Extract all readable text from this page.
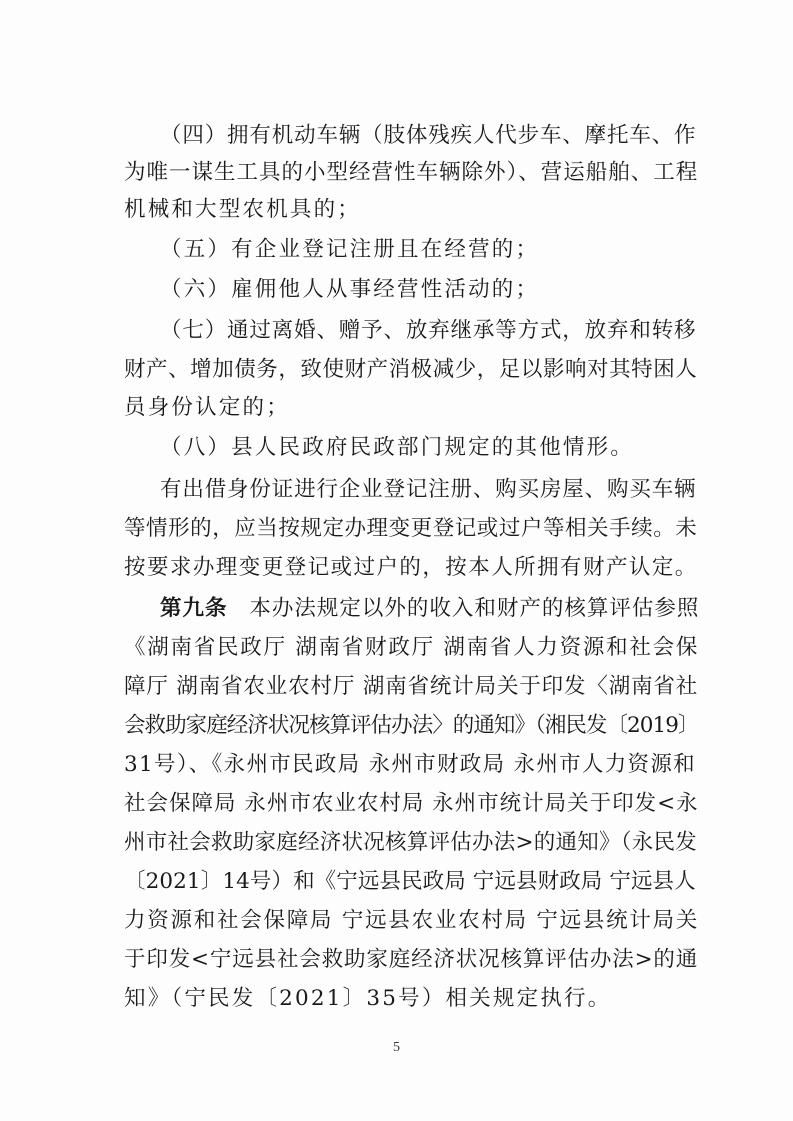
（四）拥有机动车辆（肢体残疾人代步车、摩托车、作
为唯一谋生工具的小型经营性车辆除外）、营运船舶、工程
机械和大型农机具的；
（五）有企业登记注册且在经营的；
（六）雇佣他人从事经营性活动的；
（七）通过离婚、赠予、放弃继承等方式，放弃和转移
财产、增加债务，致使财产消极减少，足以影响对其特困人
员身份认定的；
（八）县人民政府民政部门规定的其他情形。
有出借身份证进行企业登记注册、购买房屋、购买车辆
等情形的，应当按规定办理变更登记或过户等相关手续。未
按要求办理变更登记或过户的，按本人所拥有财产认定。
第九条 本办法规定以外的收入和财产的核算评估参照
《湖南省民政厅 湖南省财政厅 湖南省人力资源和社会保
障厅 湖南省农业农村厅 湖南省统计局关于印发〈湖南省社
会救助家庭经济状况核算评估办法〉的通知》（湘民发〔2019〕
31号）、《永州市民政局 永州市财政局 永州市人力资源和
社会保障局 永州市农业农村局 永州市统计局关于印发<永
州市社会救助家庭经济状况核算评估办法>的通知》（永民发
〔2021〕14号）和《宁远县民政局 宁远县财政局 宁远县人
力资源和社会保障局 宁远县农业农村局 宁远县统计局关
于印发<宁远县社会救助家庭经济状况核算评估办法>的通
知》（宁民发〔2021〕35号）相关规定执行。
5
